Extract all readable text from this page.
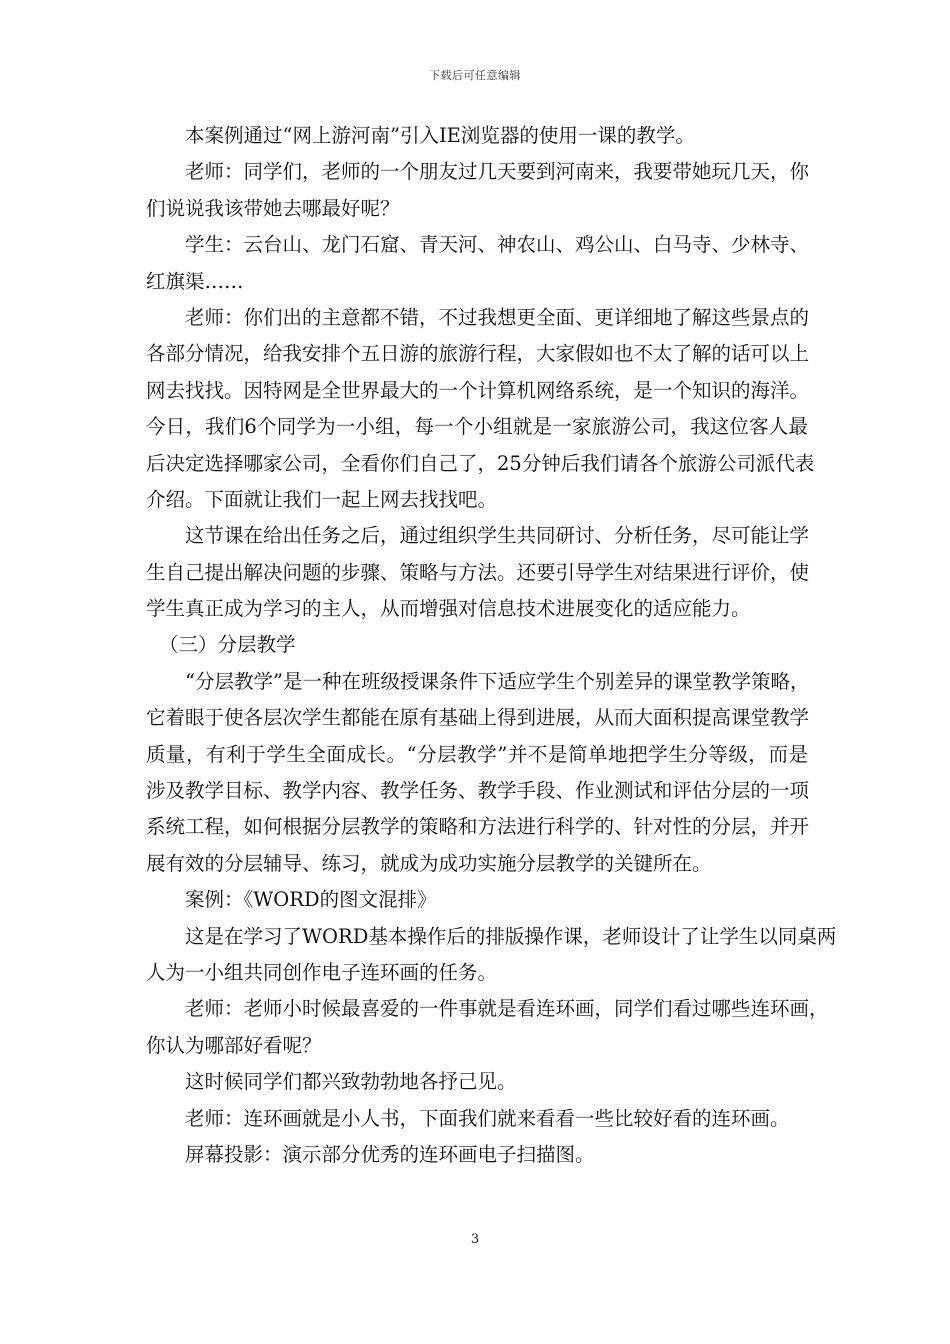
下载后可任意编辑
本案例通过“网上游河南”引入IE浏览器的使用一课的教学。
老师：同学们，老师的一个朋友过几天要到河南来，我要带她玩几天，你
们说说我该带她去哪最好呢？
学生：云台山、龙门石窟、青天河、神农山、鸡公山、白马寺、少林寺、
红旗渠……
老师：你们出的主意都不错，不过我想更全面、更详细地了解这些景点的
各部分情况，给我安排个五日游的旅游行程，大家假如也不太了解的话可以上
网去找找。因特网是全世界最大的一个计算机网络系统，是一个知识的海洋。
今日，我们6个同学为一小组，每一个小组就是一家旅游公司，我这位客人最
后决定选择哪家公司，全看你们自己了，25分钟后我们请各个旅游公司派代表
介绍。下面就让我们一起上网去找找吧。
这节课在给出任务之后，通过组织学生共同研讨、分析任务，尽可能让学
生自己提出解决问题的步骤、策略与方法。还要引导学生对结果进行评价，使
学生真正成为学习的主人，从而增强对信息技术进展变化的适应能力。
（三）分层教学
“分层教学”是一种在班级授课条件下适应学生个别差异的课堂教学策略，
它着眼于使各层次学生都能在原有基础上得到进展，从而大面积提高课堂教学
质量，有利于学生全面成长。“分层教学”并不是简单地把学生分等级，而是
涉及教学目标、教学内容、教学任务、教学手段、作业测试和评估分层的一项
系统工程，如何根据分层教学的策略和方法进行科学的、针对性的分层，并开
展有效的分层辅导、练习，就成为成功实施分层教学的关键所在。
案例：《WORD的图文混排》
这是在学习了WORD基本操作后的排版操作课，老师设计了让学生以同桌两
人为一小组共同创作电子连环画的任务。
老师：老师小时候最喜爱的一件事就是看连环画，同学们看过哪些连环画，
你认为哪部好看呢？
这时候同学们都兴致勃勃地各抒己见。
老师：连环画就是小人书，下面我们就来看看一些比较好看的连环画。
屏幕投影：演示部分优秀的连环画电子扫描图。
3
